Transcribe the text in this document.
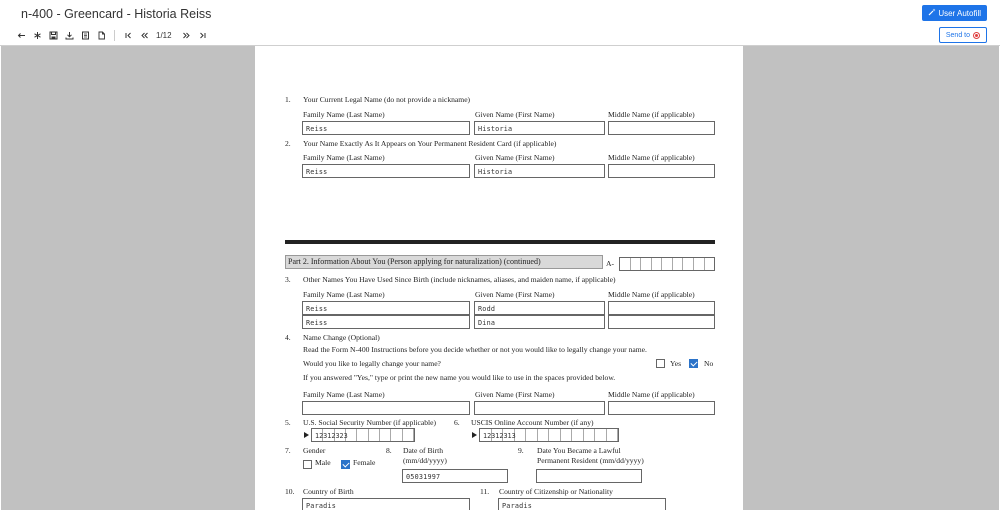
n-400 - Greencard - Historia Reiss	User Autofill
Send to
1/12
1. Your Current Legal Name (do not provide a nickname)
Family Name (Last Name)	Given Name (First Name)	Middle Name (if applicable)
Reiss	Historia
2. Your Name Exactly As It Appears on Your Permanent Resident Card (if applicable)
Family Name (Last Name)	Given Name (First Name)	Middle Name (if applicable)
Reiss	Historia
Part 2. Information About You (Person applying for naturalization) (continued)	A-
3. Other Names You Have Used Since Birth (include nicknames, aliases, and maiden name, if applicable)
Family Name (Last Name)	Given Name (First Name)	Middle Name (if applicable)
Reiss	Rodd
Reiss	Dina
4. Name Change (Optional)
Read the Form N-400 Instructions before you decide whether or not you would like to legally change your name.
Would you like to legally change your name?	Yes	No
If you answered "Yes," type or print the new name you would like to use in the spaces provided below.
Family Name (Last Name)	Given Name (First Name)	Middle Name (if applicable)
5. U.S. Social Security Number (if applicable)
12312323
6. USCIS Online Account Number (if any)
12312313
7. Gender
Male	Female
8. Date of Birth
(mm/dd/yyyy)
05031997
9. Date You Became a Lawful
Permanent Resident (mm/dd/yyyy)
10. Country of Birth
Paradis
11. Country of Citizenship or Nationality
Paradis
